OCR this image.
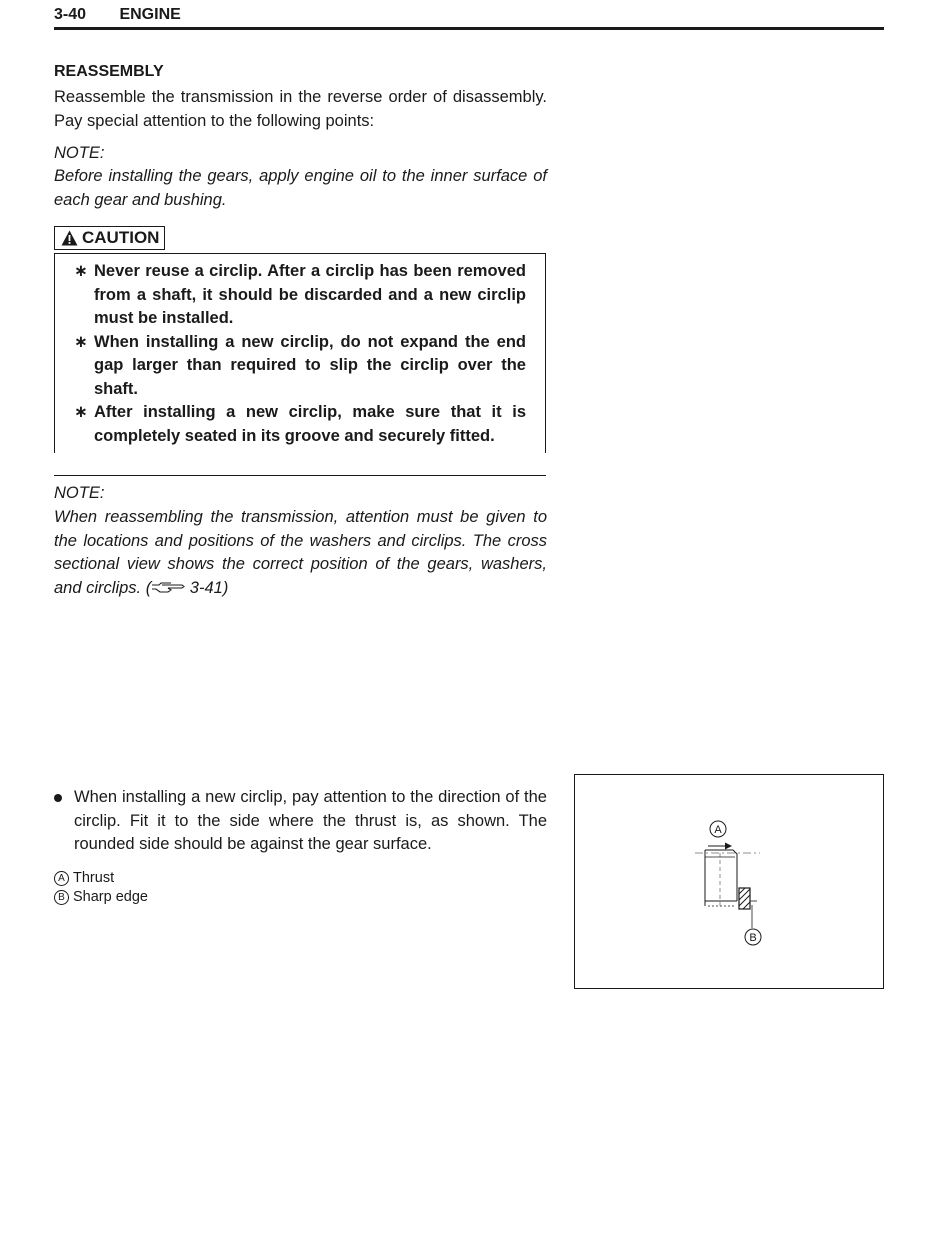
3-40 ENGINE
REASSEMBLY
Reassemble the transmission in the reverse order of disassembly. Pay special attention to the following points:
NOTE:
Before installing the gears, apply engine oil to the inner surface of each gear and bushing.
CAUTION
∗ Never reuse a circlip. After a circlip has been removed from a shaft, it should be discarded and a new circlip must be installed.
∗ When installing a new circlip, do not expand the end gap larger than required to slip the circlip over the shaft.
∗ After installing a new circlip, make sure that it is completely seated in its groove and securely fitted.
NOTE:
When reassembling the transmission, attention must be given to the locations and positions of the washers and circlips. The cross sectional view shows the correct position of the gears, washers, and circlips. ( 3-41)
When installing a new circlip, pay attention to the direction of the circlip. Fit it to the side where the thrust is, as shown. The rounded side should be against the gear surface.
A Thrust
B Sharp edge
A
B
